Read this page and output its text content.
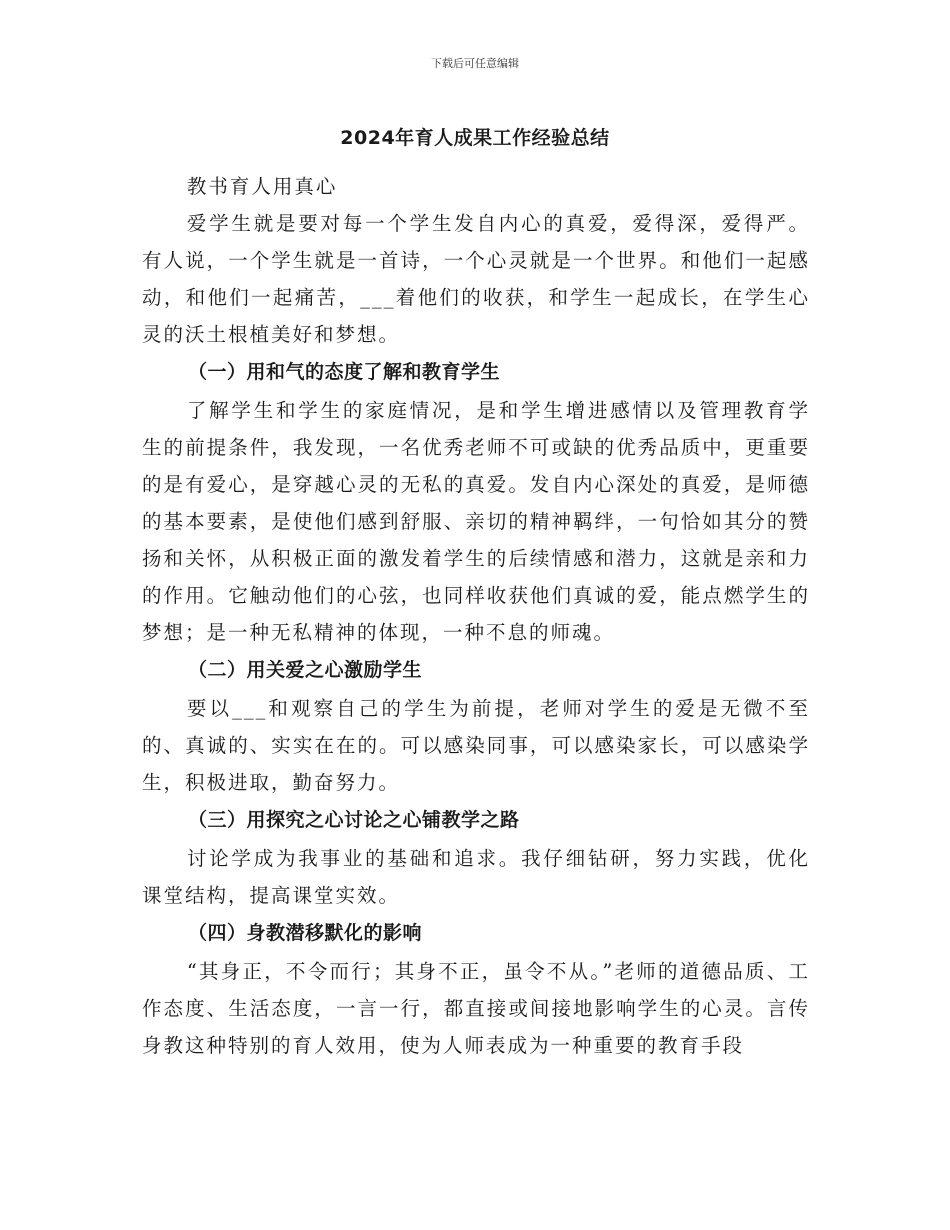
下载后可任意编辑
2024年育人成果工作经验总结

教书育人用真心

爱学生就是要对每一个学生发自内心的真爱，爱得深，爱得严。有人说，一个学生就是一首诗，一个心灵就是一个世界。和他们一起感动，和他们一起痛苦，___着他们的收获，和学生一起成长，在学生心灵的沃土根植美好和梦想。

（一）用和气的态度了解和教育学生

了解学生和学生的家庭情况，是和学生增进感情以及管理教育学生的前提条件，我发现，一名优秀老师不可或缺的优秀品质中，更重要的是有爱心，是穿越心灵的无私的真爱。发自内心深处的真爱，是师德的基本要素，是使他们感到舒服、亲切的精神羁绊，一句恰如其分的赞扬和关怀，从积极正面的激发着学生的后续情感和潜力，这就是亲和力的作用。它触动他们的心弦，也同样收获他们真诚的爱，能点燃学生的梦想；是一种无私精神的体现，一种不息的师魂。

（二）用关爱之心激励学生

要以___和观察自己的学生为前提，老师对学生的爱是无微不至的、真诚的、实实在在的。可以感染同事，可以感染家长，可以感染学生，积极进取，勤奋努力。

（三）用探究之心讨论之心铺教学之路

讨论学成为我事业的基础和追求。我仔细钻研，努力实践，优化课堂结构，提高课堂实效。

（四）身教潜移默化的影响

“其身正，不令而行；其身不正，虽令不从。”老师的道德品质、工作态度、生活态度，一言一行，都直接或间接地影响学生的心灵。言传身教这种特别的育人效用，使为人师表成为一种重要的教育手段
